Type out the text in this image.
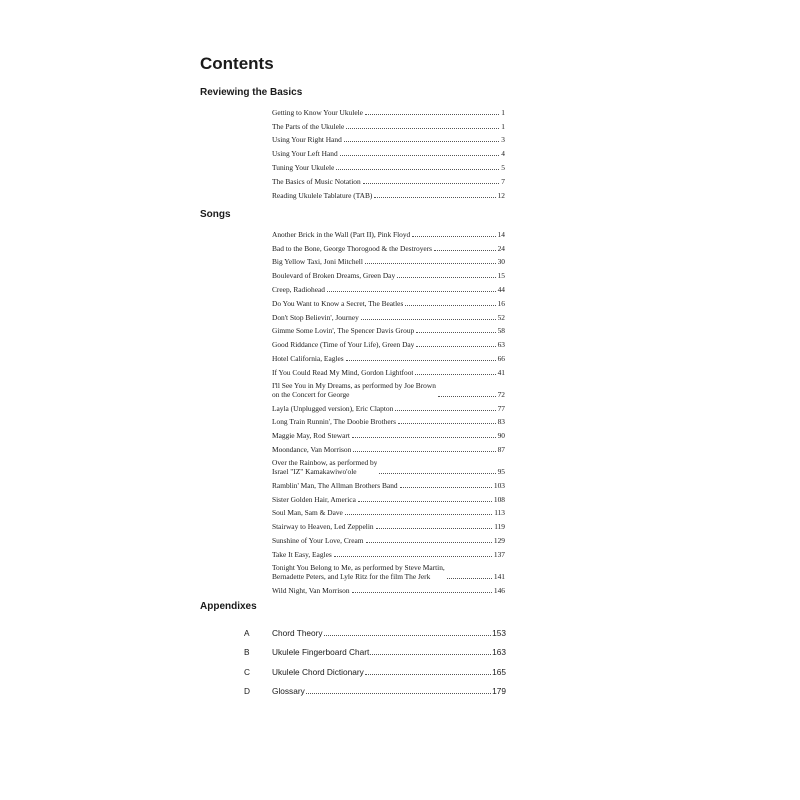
Contents
Reviewing the Basics
Getting to Know Your Ukulele	1
The Parts of the Ukulele	1
Using Your Right Hand	3
Using Your Left Hand	4
Tuning Your Ukulele	5
The Basics of Music Notation	7
Reading Ukulele Tablature (TAB)	12
Songs
Another Brick in the Wall (Part II), Pink Floyd	14
Bad to the Bone, George Thorogood & the Destroyers	24
Big Yellow Taxi, Joni Mitchell	30
Boulevard of Broken Dreams, Green Day	15
Creep, Radiohead	44
Do You Want to Know a Secret, The Beatles	16
Don't Stop Believin', Journey	52
Gimme Some Lovin', The Spencer Davis Group	58
Good Riddance (Time of Your Life), Green Day	63
Hotel California, Eagles	66
If You Could Read My Mind, Gordon Lightfoot	41
I'll See You in My Dreams, as performed by Joe Brown
on the Concert for George	72
Layla (Unplugged version), Eric Clapton	77
Long Train Runnin', The Doobie Brothers	83
Maggie May, Rod Stewart	90
Moondance, Van Morrison	87
Over the Rainbow, as performed by
Israel "IZ" Kamakawiwo'ole	95
Ramblin' Man, The Allman Brothers Band	103
Sister Golden Hair, America	108
Soul Man, Sam & Dave	113
Stairway to Heaven, Led Zeppelin	119
Sunshine of Your Love, Cream	129
Take It Easy, Eagles	137
Tonight You Belong to Me, as performed by Steve Martin,
Bernadette Peters, and Lyle Ritz for the film The Jerk	141
Wild Night, Van Morrison	146
Appendixes
A	Chord Theory	153
B	Ukulele Fingerboard Chart	163
C	Ukulele Chord Dictionary	165
D	Glossary	179
